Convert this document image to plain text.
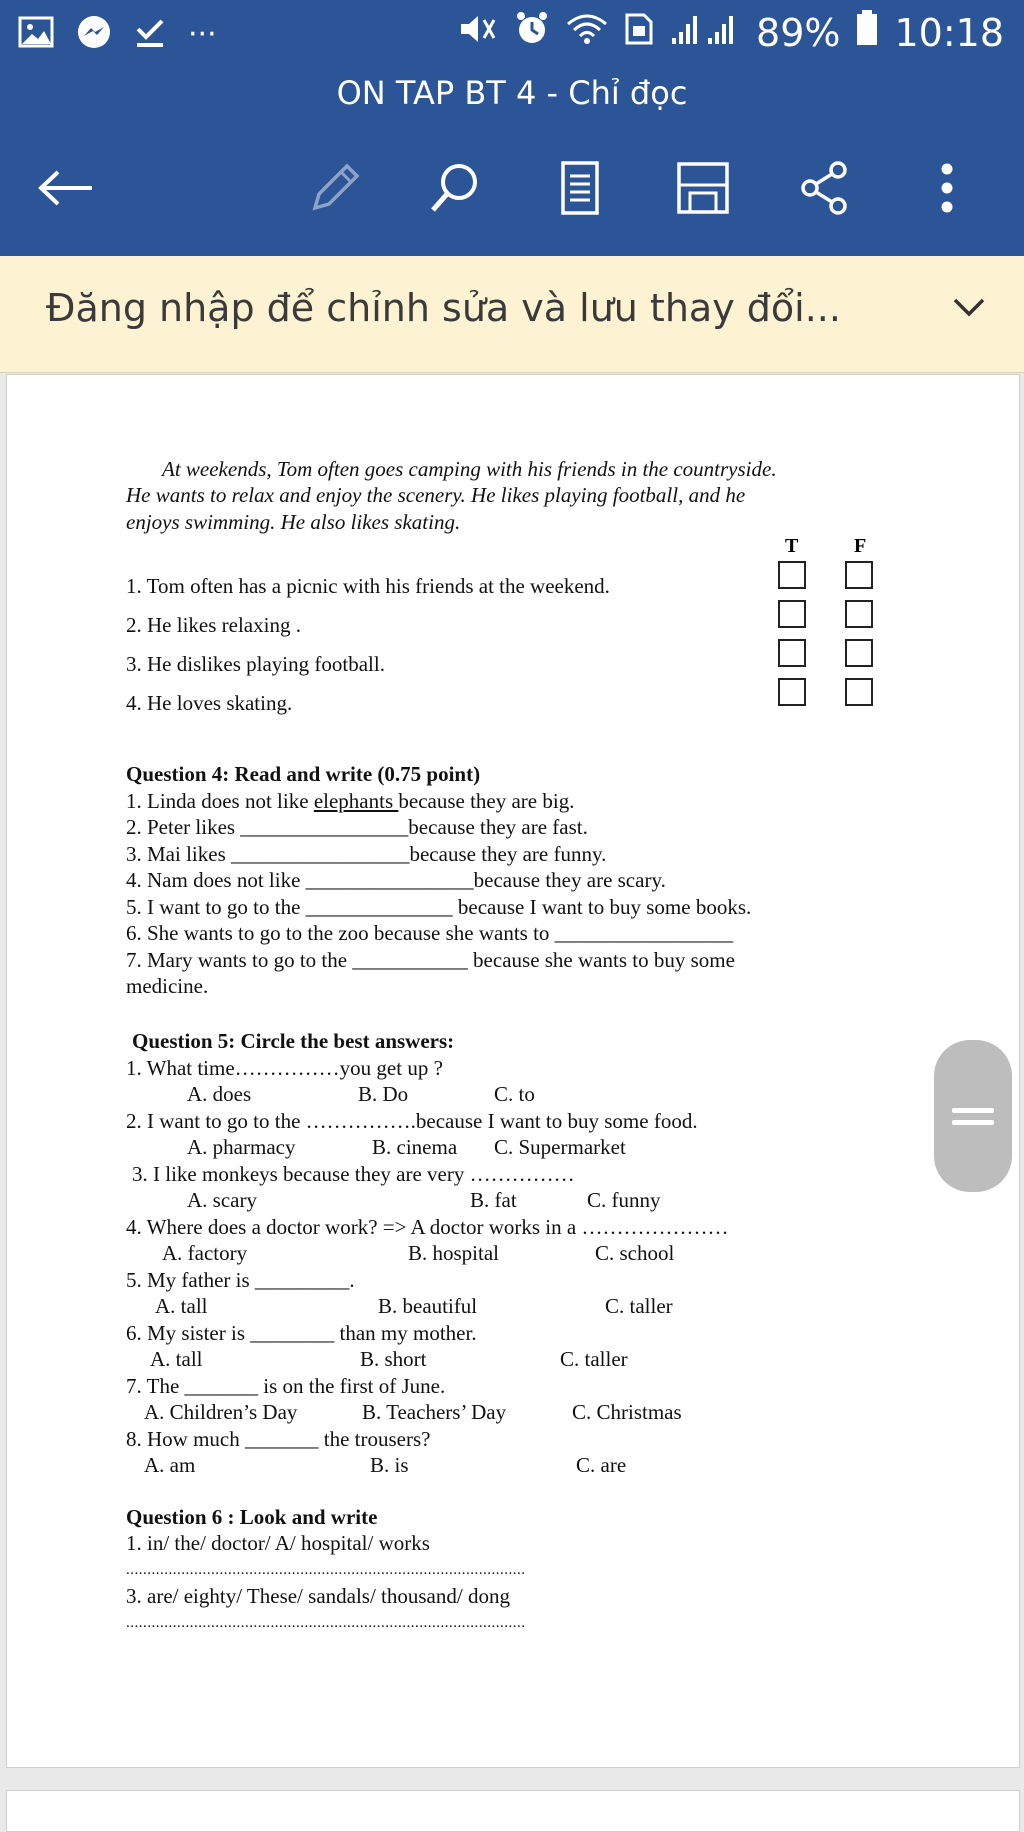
···	89% 10:18
ON TAP BT 4 - Chỉ đọc
Đăng nhập để chỉnh sửa và lưu thay đổi...
At weekends, Tom often goes camping with his friends in the countryside.
He wants to relax and enjoy the scenery. He likes playing football, and he
enjoys swimming. He also likes skating.
T	F
1. Tom often has a picnic with his friends at the weekend.
2. He likes relaxing .
3. He dislikes playing football.
4. He loves skating.
Question 4: Read and write (0.75 point)
1. Linda does not like elephants because they are big.
2. Peter likes ________________because they are fast.
3. Mai likes _________________because they are funny.
4. Nam does not like ________________because they are scary.
5. I want to go to the ______________ because I want to buy some books.
6. She wants to go to the zoo because she wants to _________________
7. Mary wants to go to the ___________ because she wants to buy some
medicine.
Question 5: Circle the best answers:
1. What time……………you get up ?
A. does	B. Do	C. to
2. I want to go to the …………….because I want to buy some food.
A. pharmacy	B. cinema C. Supermarket
3. I like monkeys because they are very ……………
A. scary	B. fat	C. funny
4. Where does a doctor work? => A doctor works in a …………………
A. factory	B. hospital	C. school
5. My father is _________.
A. tall	B. beautiful	C. taller
6. My sister is ________ than my mother.
A. tall	B. short	C. taller
7. The _______ is on the first of June.
A. Children’s Day	B. Teachers’ Day	C. Christmas
8. How much _______ the trousers?
A. am	B. is	C. are
Question 6 : Look and write
1. in/ the/ doctor/ A/ hospital/ works
..............................................................................................
3. are/ eighty/ These/ sandals/ thousand/ dong
..............................................................................................
